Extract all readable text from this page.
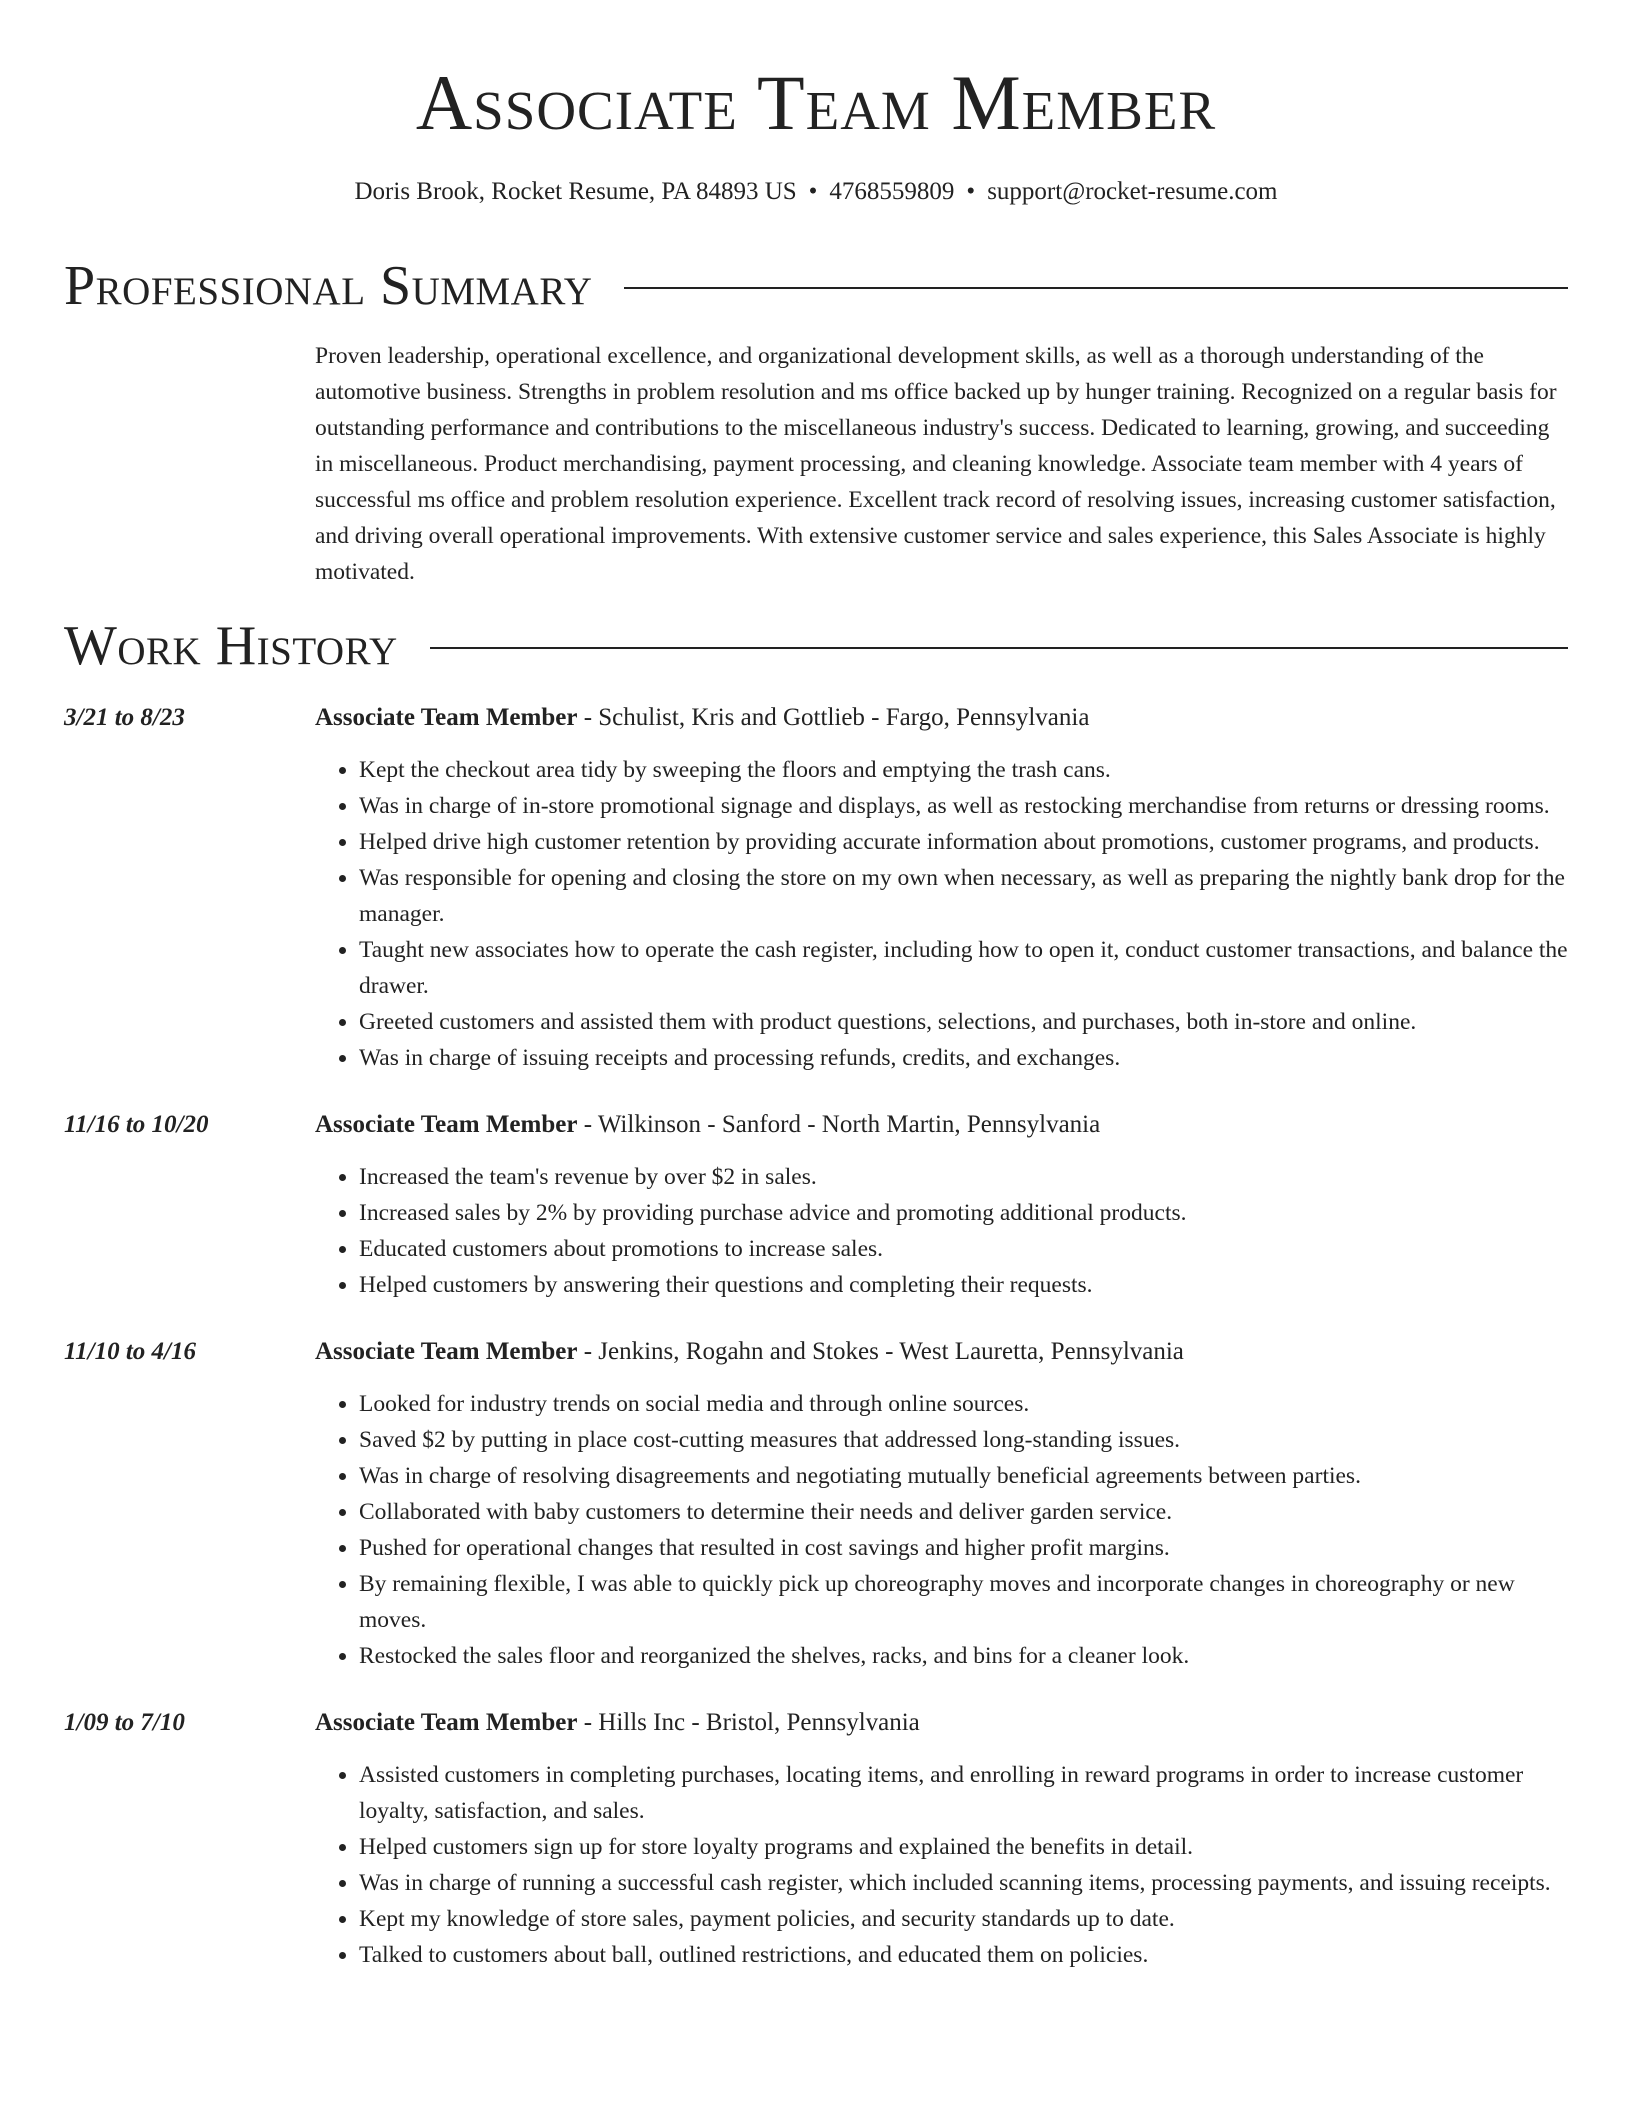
Associate Team Member
Doris Brook, Rocket Resume, PA 84893 US • 4768559809 • support@rocket-resume.com
Professional Summary

Proven leadership, operational excellence, and organizational development skills, as well as a thorough understanding of the automotive business. Strengths in problem resolution and ms office backed up by hunger training. Recognized on a regular basis for outstanding performance and contributions to the miscellaneous industry's success. Dedicated to learning, growing, and succeeding in miscellaneous. Product merchandising, payment processing, and cleaning knowledge. Associate team member with 4 years of successful ms office and problem resolution experience. Excellent track record of resolving issues, increasing customer satisfaction, and driving overall operational improvements. With extensive customer service and sales experience, this Sales Associate is highly motivated.

Work History
3/21 to 8/23	Associate Team Member - Schulist, Kris and Gottlieb - Fargo, Pennsylvania
• Kept the checkout area tidy by sweeping the floors and emptying the trash cans.
• Was in charge of in-store promotional signage and displays, as well as restocking merchandise from returns or dressing rooms.
• Helped drive high customer retention by providing accurate information about promotions, customer programs, and products.
• Was responsible for opening and closing the store on my own when necessary, as well as preparing the nightly bank drop for the manager.
• Taught new associates how to operate the cash register, including how to open it, conduct customer transactions, and balance the drawer.
• Greeted customers and assisted them with product questions, selections, and purchases, both in-store and online.
• Was in charge of issuing receipts and processing refunds, credits, and exchanges.
11/16 to 10/20	Associate Team Member - Wilkinson - Sanford - North Martin, Pennsylvania
• Increased the team's revenue by over $2 in sales.
• Increased sales by 2% by providing purchase advice and promoting additional products.
• Educated customers about promotions to increase sales.
• Helped customers by answering their questions and completing their requests.
11/10 to 4/16	Associate Team Member - Jenkins, Rogahn and Stokes - West Lauretta, Pennsylvania
• Looked for industry trends on social media and through online sources.
• Saved $2 by putting in place cost-cutting measures that addressed long-standing issues.
• Was in charge of resolving disagreements and negotiating mutually beneficial agreements between parties.
• Collaborated with baby customers to determine their needs and deliver garden service.
• Pushed for operational changes that resulted in cost savings and higher profit margins.
• By remaining flexible, I was able to quickly pick up choreography moves and incorporate changes in choreography or new moves.
• Restocked the sales floor and reorganized the shelves, racks, and bins for a cleaner look.
1/09 to 7/10	Associate Team Member - Hills Inc - Bristol, Pennsylvania
• Assisted customers in completing purchases, locating items, and enrolling in reward programs in order to increase customer loyalty, satisfaction, and sales.
• Helped customers sign up for store loyalty programs and explained the benefits in detail.
• Was in charge of running a successful cash register, which included scanning items, processing payments, and issuing receipts.
• Kept my knowledge of store sales, payment policies, and security standards up to date.
• Talked to customers about ball, outlined restrictions, and educated them on policies.
